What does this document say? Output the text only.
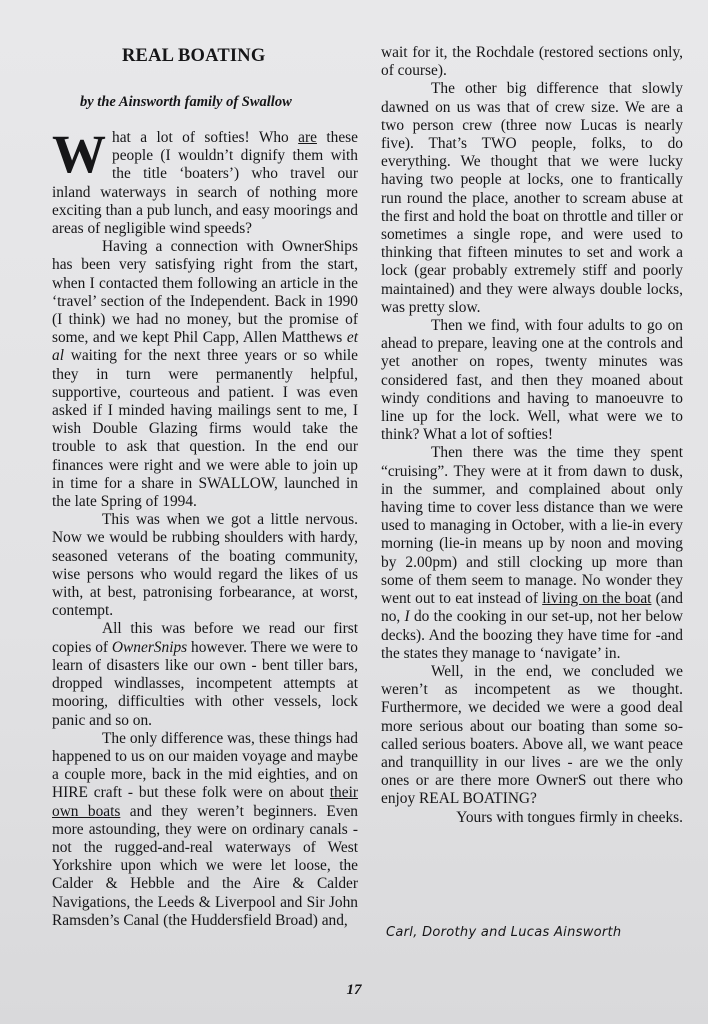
REAL BOATING

by the Ainsworth family of Swallow

What a lot of softies! Who are these people (I wouldn’t dignify them with the title ‘boaters’) who travel our inland waterways in search of nothing more exciting than a pub lunch, and easy moorings and areas of negligible wind speeds?

Having a connection with OwnerShips has been very satisfying right from the start, when I contacted them following an article in the ‘travel’ section of the Independent. Back in 1990 (I think) we had no money, but the promise of some, and we kept Phil Capp, Allen Matthews et al waiting for the next three years or so while they in turn were permanently helpful, supportive, courteous and patient. I was even asked if I minded having mailings sent to me, I wish Double Glazing firms would take the trouble to ask that question. In the end our finances were right and we were able to join up in time for a share in SWALLOW, launched in the late Spring of 1994.

This was when we got a little nervous. Now we would be rubbing shoulders with hardy, seasoned veterans of the boating community, wise persons who would regard the likes of us with, at best, patronising forbearance, at worst, contempt.

All this was before we read our first copies of OwnerSnips however. There we were to learn of disasters like our own - bent tiller bars, dropped windlasses, incompetent attempts at mooring, difficulties with other vessels, lock panic and so on.

The only difference was, these things had happened to us on our maiden voyage and maybe a couple more, back in the mid eighties, and on HIRE craft - but these folk were on about their own boats and they weren’t beginners. Even more astounding, they were on ordinary canals - not the rugged-and-real waterways of West Yorkshire upon which we were let loose, the Calder & Hebble and the Aire & Calder Navigations, the Leeds & Liverpool and Sir John Ramsden’s Canal (the Huddersfield Broad) and,

wait for it, the Rochdale (restored sections only, of course).

The other big difference that slowly dawned on us was that of crew size. We are a two person crew (three now Lucas is nearly five). That’s TWO people, folks, to do everything. We thought that we were lucky having two people at locks, one to frantically run round the place, another to scream abuse at the first and hold the boat on throttle and tiller or sometimes a single rope, and were used to thinking that fifteen minutes to set and work a lock (gear probably extremely stiff and poorly maintained) and they were always double locks, was pretty slow.

Then we find, with four adults to go on ahead to prepare, leaving one at the controls and yet another on ropes, twenty minutes was considered fast, and then they moaned about windy conditions and having to manoeuvre to line up for the lock. Well, what were we to think? What a lot of softies!

Then there was the time they spent “cruising”. They were at it from dawn to dusk, in the summer, and complained about only having time to cover less distance than we were used to managing in October, with a lie-in every morning (lie-in means up by noon and moving by 2.00pm) and still clocking up more than some of them seem to manage. No wonder they went out to eat instead of living on the boat (and no, I do the cooking in our set-up, not her below decks). And the boozing they have time for -and the states they manage to ‘navigate’ in.

Well, in the end, we concluded we weren’t as incompetent as we thought. Furthermore, we decided we were a good deal more serious about our boating than some so-called serious boaters. Above all, we want peace and tranquillity in our lives - are we the only ones or are there more OwnerS out there who enjoy REAL BOATING?

Yours with tongues firmly in cheeks.

Carl, Dorothy and Lucas Ainsworth
17
